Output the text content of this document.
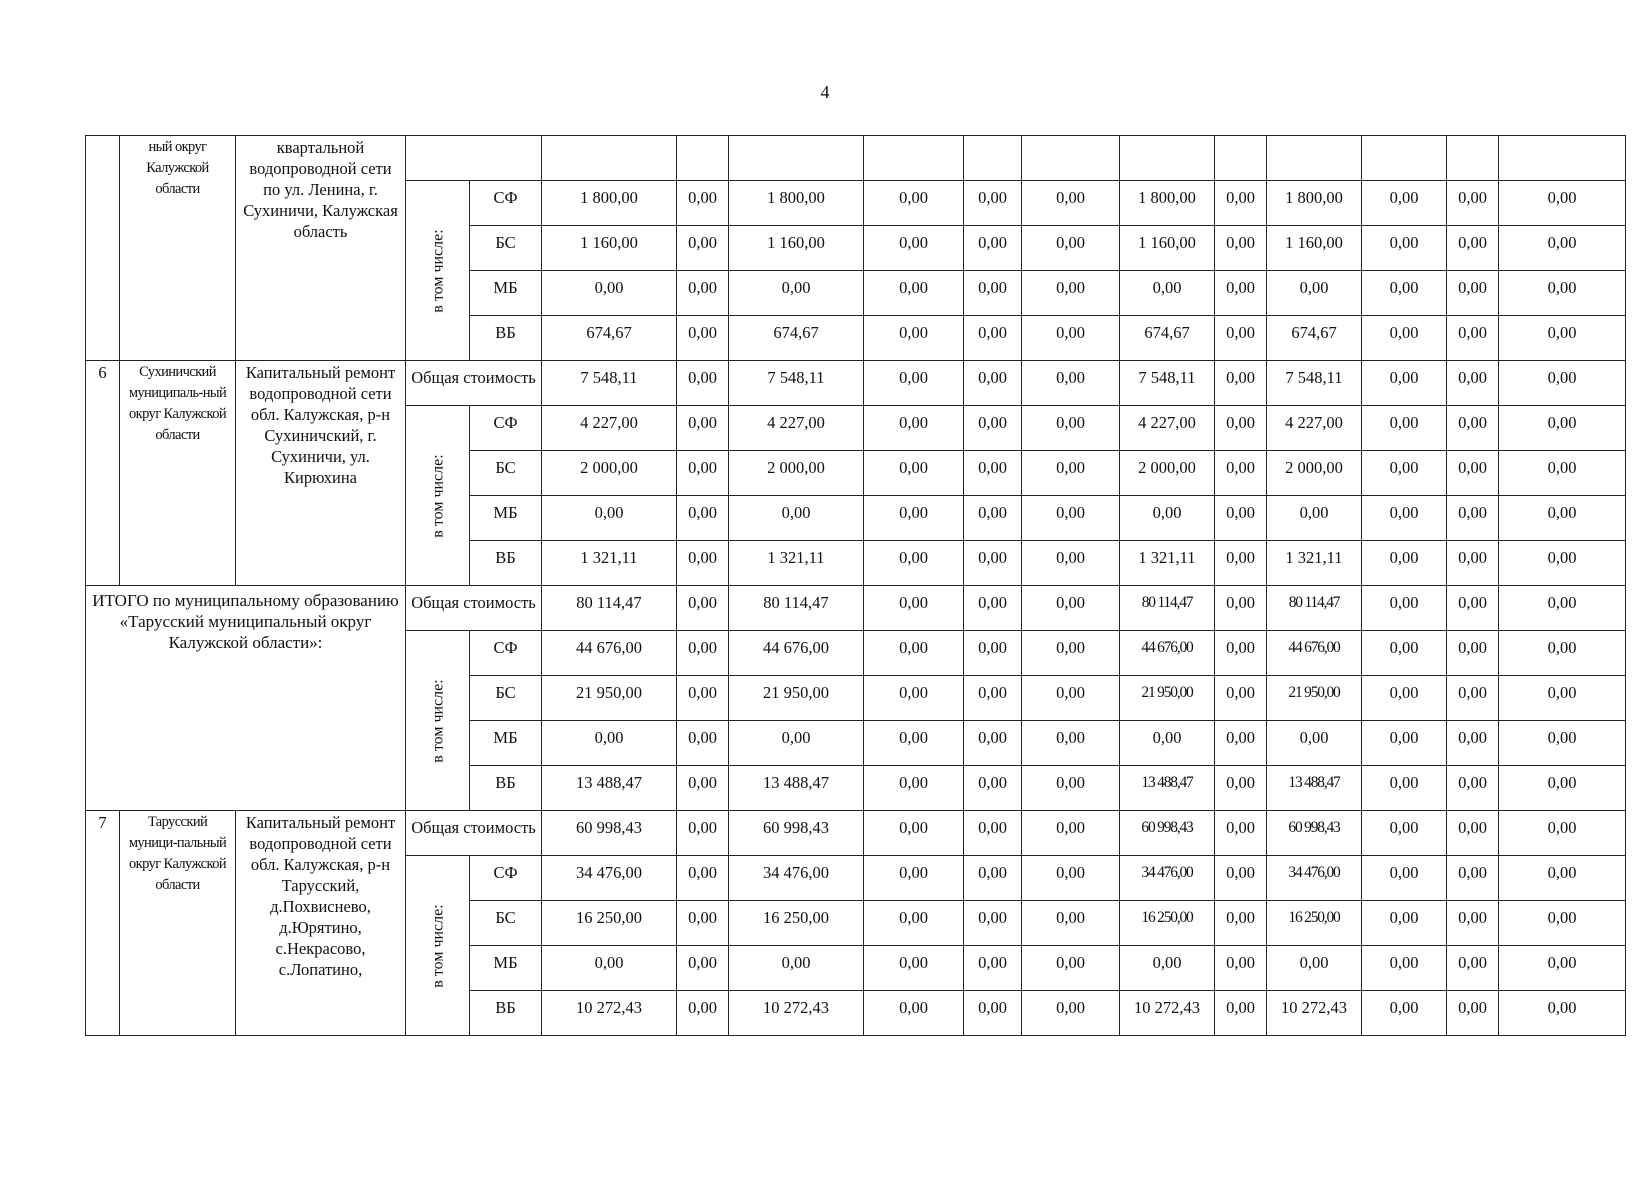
4
	ный округ Калужской области	квартальной водопроводной сети по ул. Ленина, г. Сухиничи, Калужская область														

			в том числе:	СФ	1 800,00	0,00	1 800,00	0,00	0,00	0,00	1 800,00	0,00	1 800,00	0,00	0,00	0,00
				БС	1 160,00	0,00	1 160,00	0,00	0,00	0,00	1 160,00	0,00	1 160,00	0,00	0,00	0,00
				МБ	0,00	0,00	0,00	0,00	0,00	0,00	0,00	0,00	0,00	0,00	0,00	0,00
				ВБ	674,67	0,00	674,67	0,00	0,00	0,00	674,67	0,00	674,67	0,00	0,00	0,00
6	Сухиничский муниципаль-ный округ Калужской области	Капитальный ремонт водопроводной сети обл. Калужская, р-н Сухиничский, г. Сухиничи, ул. Кирюхина	Общая стоимость		7 548,11	0,00	7 548,11	0,00	0,00	0,00	7 548,11	0,00	7 548,11	0,00	0,00	0,00

			в том числе:	СФ	4 227,00	0,00	4 227,00	0,00	0,00	0,00	4 227,00	0,00	4 227,00	0,00	0,00	0,00
				БС	2 000,00	0,00	2 000,00	0,00	0,00	0,00	2 000,00	0,00	2 000,00	0,00	0,00	0,00
				МБ	0,00	0,00	0,00	0,00	0,00	0,00	0,00	0,00	0,00	0,00	0,00	0,00
				ВБ	1 321,11	0,00	1 321,11	0,00	0,00	0,00	1 321,11	0,00	1 321,11	0,00	0,00	0,00
ИТОГО по муниципальному образованию «Тарусский муниципальный округ Калужской области»:			Общая стоимость		80 114,47	0,00	80 114,47	0,00	0,00	0,00	80 114,47	0,00	80 114,47	0,00	0,00	0,00

			в том числе:	СФ	44 676,00	0,00	44 676,00	0,00	0,00	0,00	44 676,00	0,00	44 676,00	0,00	0,00	0,00
				БС	21 950,00	0,00	21 950,00	0,00	0,00	0,00	21 950,00	0,00	21 950,00	0,00	0,00	0,00
				МБ	0,00	0,00	0,00	0,00	0,00	0,00	0,00	0,00	0,00	0,00	0,00	0,00
				ВБ	13 488,47	0,00	13 488,47	0,00	0,00	0,00	13 488,47	0,00	13 488,47	0,00	0,00	0,00
7	Тарусский муници-пальный округ Калужской области	Капитальный ремонт водопроводной сети обл. Калужская, р-н Тарусский, д.Похвиснево, д.Юрятино, с.Некрасово, с.Лопатино,	Общая стоимость		60 998,43	0,00	60 998,43	0,00	0,00	0,00	60 998,43	0,00	60 998,43	0,00	0,00	0,00

			в том числе:	СФ	34 476,00	0,00	34 476,00	0,00	0,00	0,00	34 476,00	0,00	34 476,00	0,00	0,00	0,00
				БС	16 250,00	0,00	16 250,00	0,00	0,00	0,00	16 250,00	0,00	16 250,00	0,00	0,00	0,00
				МБ	0,00	0,00	0,00	0,00	0,00	0,00	0,00	0,00	0,00	0,00	0,00	0,00
				ВБ	10 272,43	0,00	10 272,43	0,00	0,00	0,00	10 272,43	0,00	10 272,43	0,00	0,00	0,00
